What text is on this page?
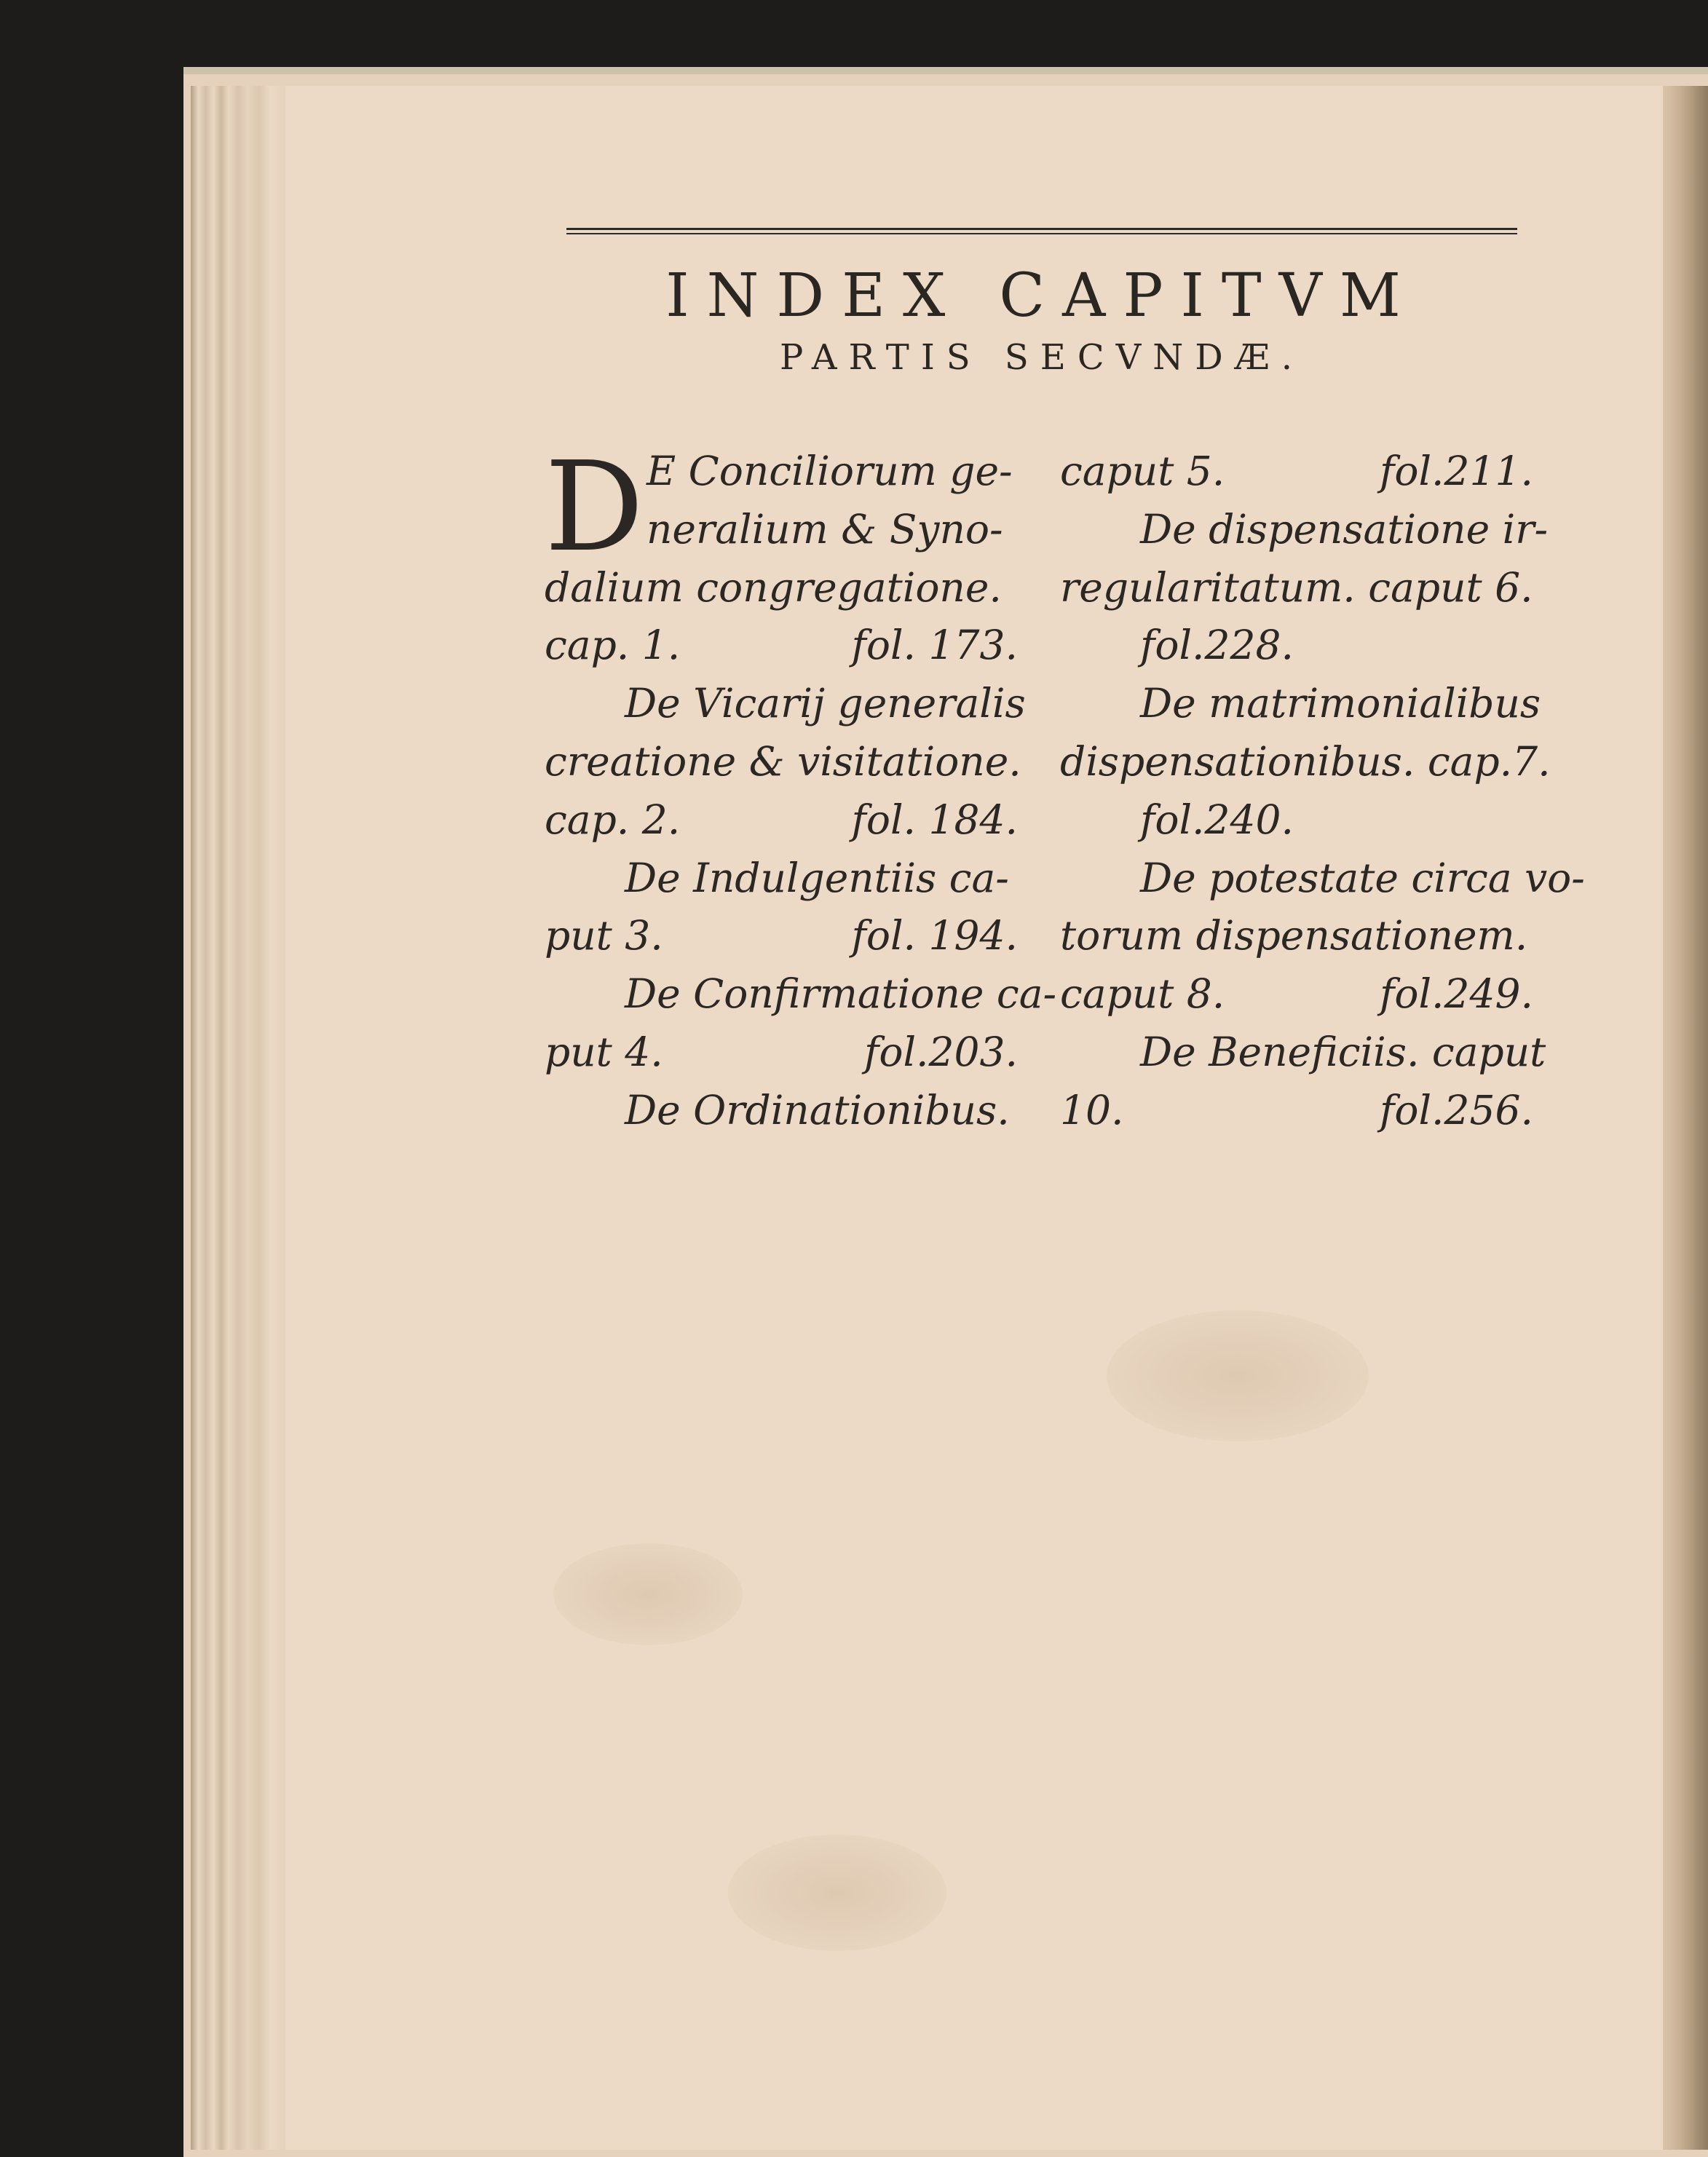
INDEX CAPITVM
PARTIS SECVNDÆ.
D E Conciliorum ge-
neralium & Syno-
dalium congregatione.
cap. 1.	fol. 173.
De Vicarij generalis
creatione & visitatione.
cap. 2.	fol. 184.
De Indulgentiis ca-
put 3.	fol. 194.
De Confirmatione ca-
put 4.	fol.203.
De Ordinationibus.
caput 5.	fol.211.
De dispensatione ir-
regularitatum. caput 6.
fol.228.
De matrimonialibus
dispensationibus. cap.7.
fol.240.
De potestate circa vo-
torum dispensationem.
caput 8.	fol.249.
De Beneficiis. caput
10.	fol.256.
